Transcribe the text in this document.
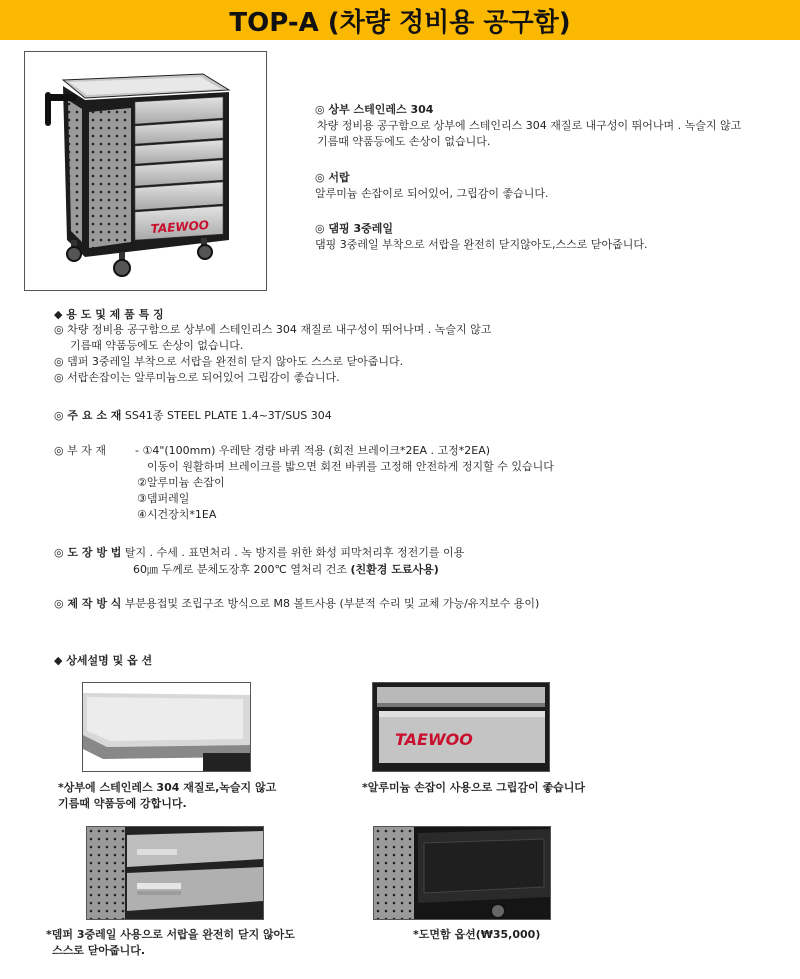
TOP-A (차량 정비용 공구함)
TAEWOO
◎ 상부 스테인레스 304
차량 정비용 공구함으로 상부에 스테인리스 304 재질로 내구성이 뛰어나며 . 녹슬지 않고
기름때 약품등에도 손상이 없습니다.
◎ 서랍
알루미늄 손잡이로 되어있어, 그립감이 좋습니다.
◎ 댐핑 3중레일
댐핑 3중레일 부착으로 서랍을 완전히 닫지않아도,스스로 닫아줍니다.
◆ 용 도 및 제 품 특 징
◎ 차량 정비용 공구함으로 상부에 스테인리스 304 재질로 내구성이 뛰어나며 . 녹슬지 않고
기름때 약품등에도 손상이 없습니다.
◎ 뎀퍼 3중레일 부착으로 서랍을 완전히 닫지 않아도 스스로 닫아줍니다.
◎ 서랍손잡이는 알루미늄으로 되어있어 그립감이 좋습니다.
◎ 주 요 소 재 SS41종 STEEL PLATE 1.4~3T/SUS 304
◎ 부 자 재	- ①4"(100mm) 우레탄 경량 바퀴 적용 (회전 브레이크*2EA . 고정*2EA)
이동이 원활하며 브레이크를 밟으면 회전 바퀴를 고정해 안전하게 정지할 수 있습니다
②알루미늄 손잡이
③뎀퍼레일
④시건장치*1EA
◎ 도 장 방 법 탈지 . 수세 . 표면처리 . 녹 방지를 위한 화성 피막처리후 정전기를 이용
60㎛ 두께로 분체도장후 200℃ 열처리 건조 (친환경 도료사용)
◎ 제 작 방 식 부분용접및 조립구조 방식으로 M8 볼트사용 (부분적 수리 및 교체 가능/유지보수 용이)
◆ 상세설명 및 옵 션
TAEWOO
*상부에 스테인레스 304 재질로,녹슬지 않고
기름때 약품등에 강합니다.
*알루미늄 손잡이 사용으로 그립감이 좋습니다
*뎀퍼 3중레일 사용으로 서랍을 완전히 닫지 않아도
스스로 닫아줍니다.
*도면함 옵션(₩35,000)
